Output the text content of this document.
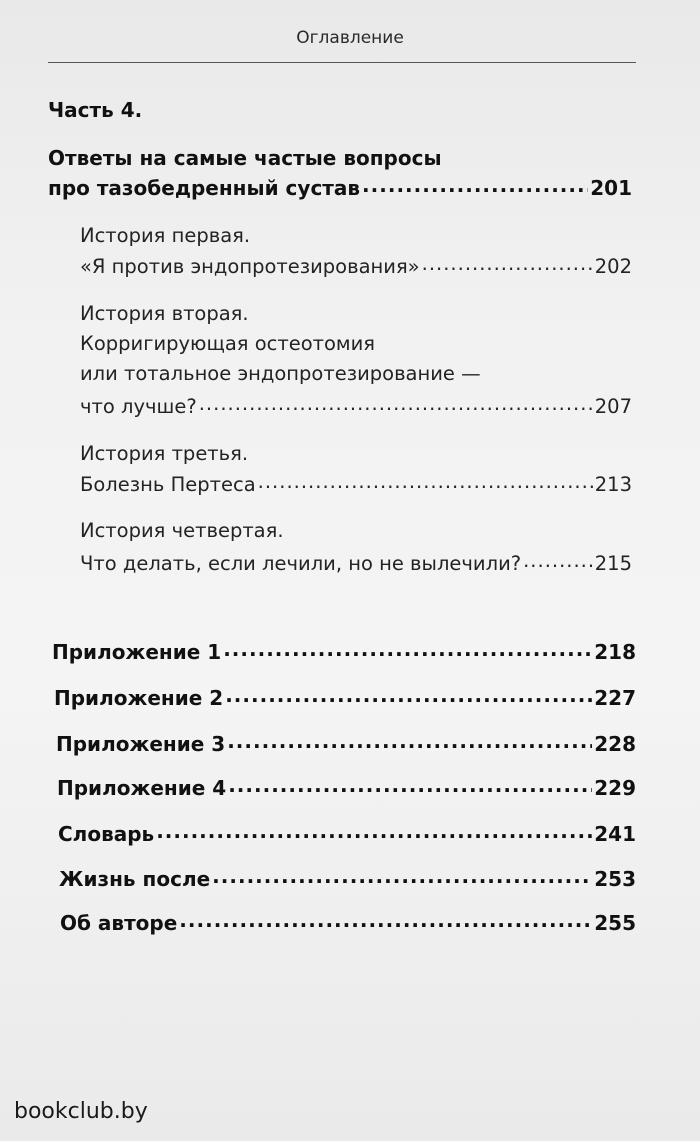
Оглавление
Часть 4.
Ответы на самые частые вопросы
про тазобедренный сустав .....	201
История первая.
«Я против эндопротезирования» .....	202
История вторая.
Корригирующая остеотомия
или тотальное эндопротезирование —
что лучше? .....	207
История третья.
Болезнь Пертеса .....	213
История четвертая.
Что делать, если лечили, но не вылечили? .....	215
Приложение 1 .....	218
Приложение 2 .....	227
Приложение 3 .....	228
Приложение 4 .....	229
Словарь .....	241
Жизнь после .....	253
Об авторе .....	255
bookclub.by
